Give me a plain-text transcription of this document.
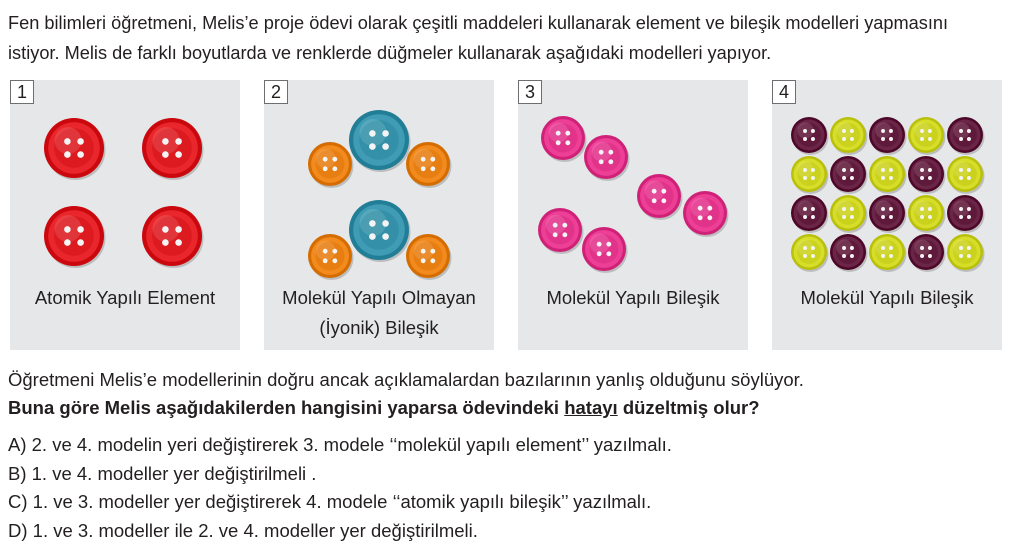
Fen bilimleri öğretmeni, Melis’e proje ödevi olarak çeşitli maddeleri kullanarak element ve bileşik modelleri yapmasını istiyor. Melis de farklı boyutlarda ve renklerde düğmeler kullanarak aşağıdaki modelleri yapıyor.
1
Atomik Yapılı Element
2
Molekül Yapılı Olmayan
(İyonik) Bileşik
3
Molekül Yapılı Bileşik
4
Molekül Yapılı Bileşik
Öğretmeni Melis’e modellerinin doğru ancak açıklamalardan bazılarının yanlış olduğunu söylüyor.
Buna göre Melis aşağıdakilerden hangisini yaparsa ödevindeki hatayı düzeltmiş olur?
A) 2. ve 4. modelin yeri değiştirerek 3. modele ‘‘molekül yapılı element’’ yazılmalı.
B) 1. ve 4. modeller yer değiştirilmeli .
C) 1. ve 3. modeller yer değiştirerek 4. modele ‘‘atomik yapılı bileşik’’ yazılmalı.
D) 1. ve 3. modeller ile 2. ve 4. modeller yer değiştirilmeli.
